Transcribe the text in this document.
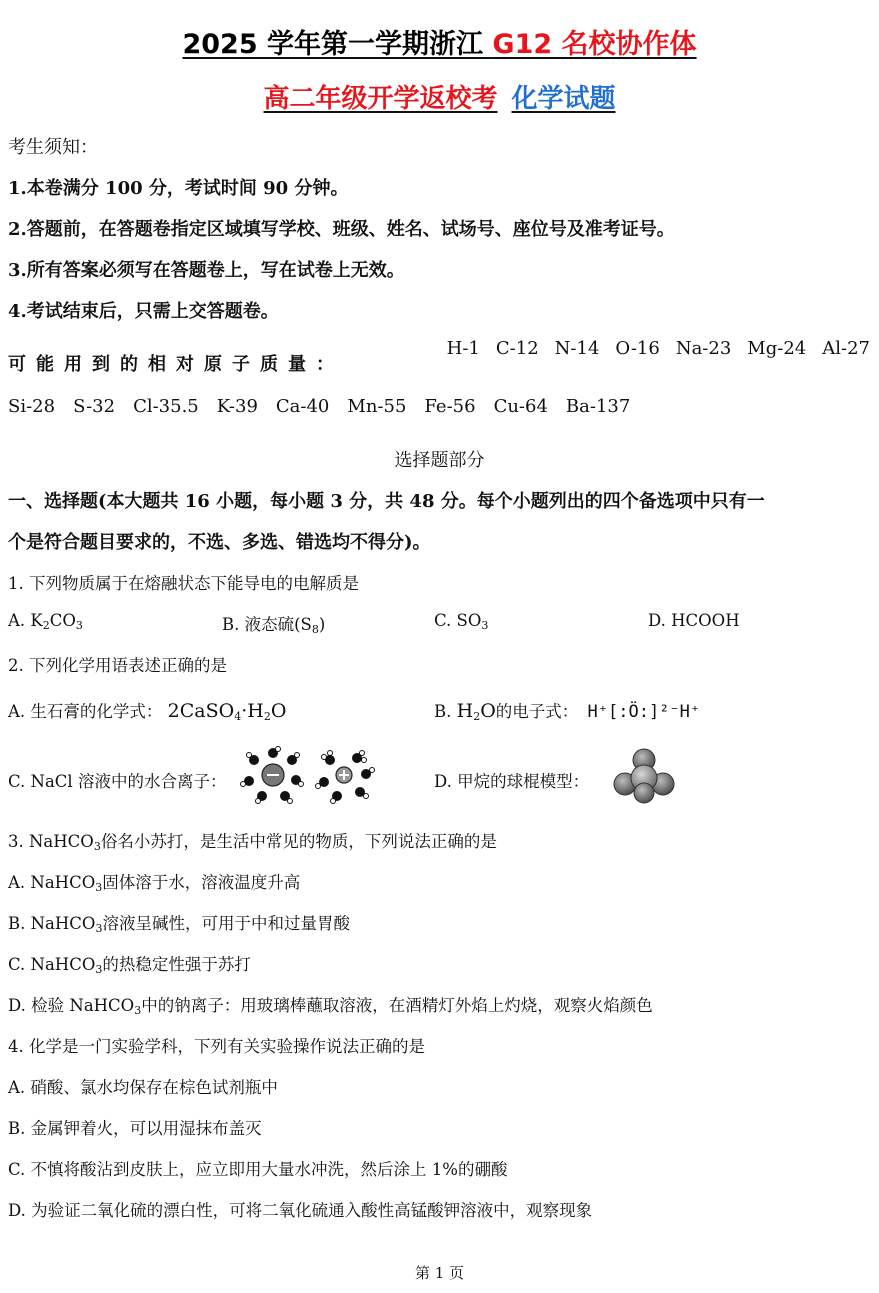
2025 学年第一学期浙江 G12 名校协作体
高二年级开学返校考 化学试题
考生须知：
1.本卷满分 100 分，考试时间 90 分钟。
2.答题前，在答题卷指定区域填写学校、班级、姓名、试场号、座位号及准考证号。
3.所有答案必须写在答题卷上，写在试卷上无效。
4.考试结束后，只需上交答题卷。
可能用到的相对原子质量：
H-1 C-12 N-14 O-16 Na-23 Mg-24 Al-27
Si-28 S-32 Cl-35.5 K-39 Ca-40 Mn-55 Fe-56 Cu-64 Ba-137
选择题部分
一、选择题(本大题共 16 小题，每小题 3 分，共 48 分。每个小题列出的四个备选项中只有一
个是符合题目要求的，不选、多选、错选均不得分)。
1. 下列物质属于在熔融状态下能导电的电解质是
A. $K_2CO_3$	B. 液态硫$(S_8)$	C. $SO_3$	D. HCOOH
2. 下列化学用语表述正确的是
A. 生石膏的化学式： $2CaSO_4\cdot H_2O$	B. $H_2O$的电子式： H⁺[:Ö:]²⁻H⁺
C. NaCl 溶液中的水合离子：	D. 甲烷的球棍模型：
3. NaHCO$_3$俗名小苏打，是生活中常见的物质，下列说法正确的是
A. NaHCO$_3$固体溶于水，溶液温度升高
B. NaHCO$_3$溶液呈碱性，可用于中和过量胃酸
C. NaHCO$_3$的热稳定性强于苏打
D. 检验 NaHCO$_3$中的钠离子：用玻璃棒蘸取溶液，在酒精灯外焰上灼烧，观察火焰颜色
4. 化学是一门实验学科，下列有关实验操作说法正确的是
A. 硝酸、氯水均保存在棕色试剂瓶中
B. 金属钾着火，可以用湿抹布盖灭
C. 不慎将酸沾到皮肤上，应立即用大量水冲洗，然后涂上 1%的硼酸
D. 为验证二氧化硫的漂白性，可将二氧化硫通入酸性高锰酸钾溶液中，观察现象
第 1 页
